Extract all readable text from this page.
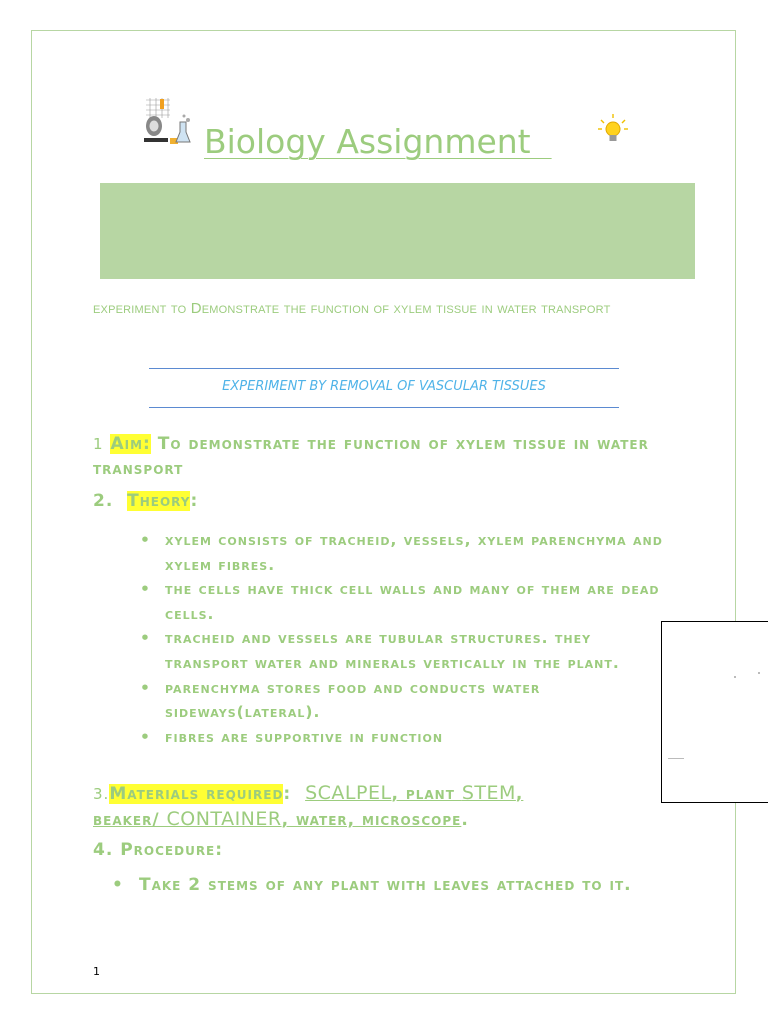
Biology Assignment
experiment to Demonstrate the function of xylem tissue in water transport
EXPERIMENT BY REMOVAL OF VASCULAR TISSUES
1 Aim: To demonstrate the function of xylem tissue in water transport
2. Theory:
• xylem consists of tracheid, vessels, xylem parenchyma and xylem fibres.
• the cells have thick cell walls and many of them are dead cells.
• tracheid and vessels are tubular structures. they transport water and minerals vertically in the plant.
• parenchyma stores food and conducts water sideways(lateral).
• fibres are supportive in function
3.Materials required: SCALPEL, plant STEM,
beaker/ CONTAINER, water, microscope.
4. Procedure:
• Take 2 stems of any plant with leaves attached to it.
1
